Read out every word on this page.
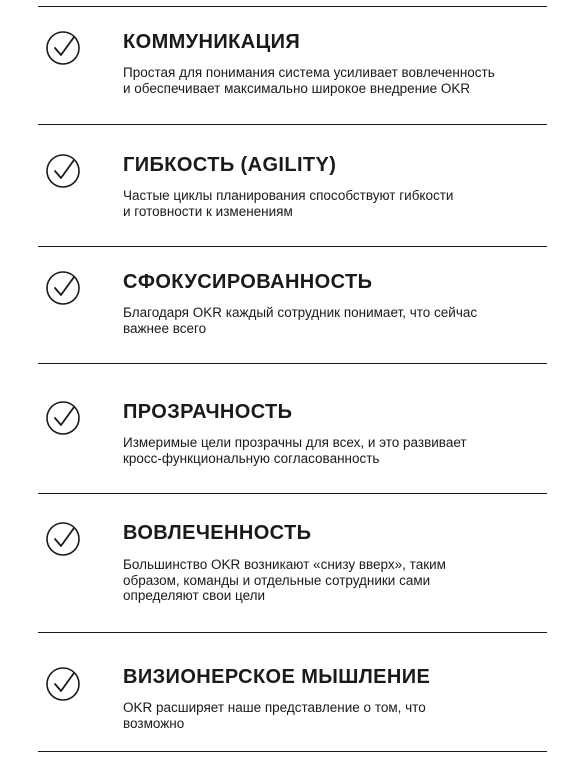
КОММУНИКАЦИЯ

Простая для понимания система усиливает вовлеченность
и обеспечивает максимально широкое внедрение OKR

ГИБКОСТЬ (AGILITY)

Частые циклы планирования способствуют гибкости
и готовности к изменениям

СФОКУСИРОВАННОСТЬ

Благодаря OKR каждый сотрудник понимает, что сейчас
важнее всего

ПРОЗРАЧНОСТЬ

Измеримые цели прозрачны для всех, и это развивает
кросс-функциональную согласованность

ВОВЛЕЧЕННОСТЬ

Большинство OKR возникают «снизу вверх», таким
образом, команды и отдельные сотрудники сами
определяют свои цели

ВИЗИОНЕРСКОЕ МЫШЛЕНИЕ

OKR расширяет наше представление о том, что
возможно
